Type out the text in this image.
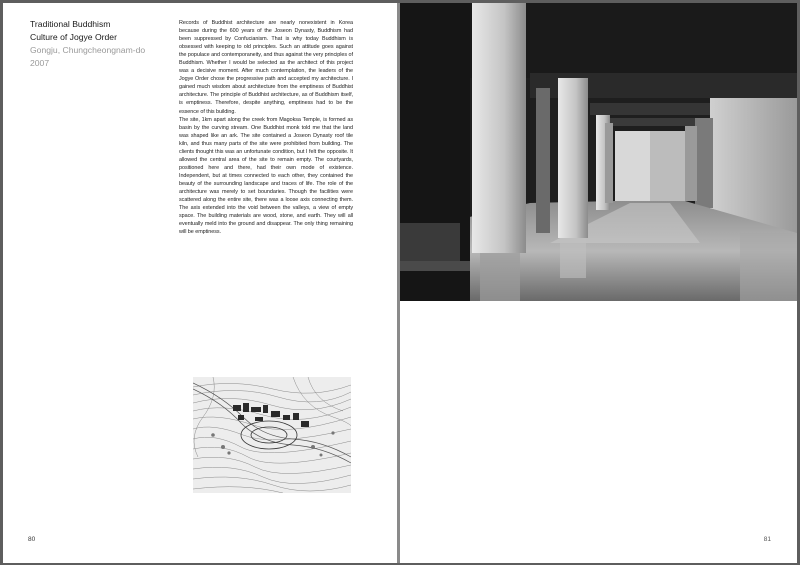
Traditional Buddhism
Culture of Jogye Order
Gongju, Chungcheongnam-do
2007

Records of Buddhist architecture are nearly nonexistent in Korea because during the 600 years of the Joseon Dynasty, Buddhism had been suppressed by Confucianism. That is why today Buddhism is obsessed with keeping to old principles. Such an attitude goes against the populace and contemporaneity, and thus against the very principles of Buddhism. Whether I would be selected as the architect of this project was a decisive moment. After much contemplation, the leaders of the Jogye Order chose the progressive path and accepted my architecture. I gained much wisdom about architecture from the emptiness of Buddhist architecture. The principle of Buddhist architecture, as of Buddhism itself, is emptiness. Therefore, despite anything, emptiness had to be the essence of this building.

The site, 1km apart along the creek from Magoksa Temple, is formed as basin by the curving stream. One Buddhist monk told me that the land was shaped like an ark. The site contained a Joseon Dynasty roof tile kiln, and thus many parts of the site were prohibited from building. The clients thought this was an unfortunate condition, but I felt the opposite. It allowed the central area of the site to remain empty. The courtyards, positioned here and there, had their own mode of existence. Independent, but at times connected to each other, they contained the beauty of the surrounding landscape and traces of life. The role of the architecture was merely to set boundaries. Though the facilities were scattered along the entire site, there was a loose axis connecting them. The axis extended into the void between the valleys, a view of empty space. The building materials are wood, stone, and earth. They will all eventually meld into the ground and disappear. The only thing remaining will be emptiness.

80	81
